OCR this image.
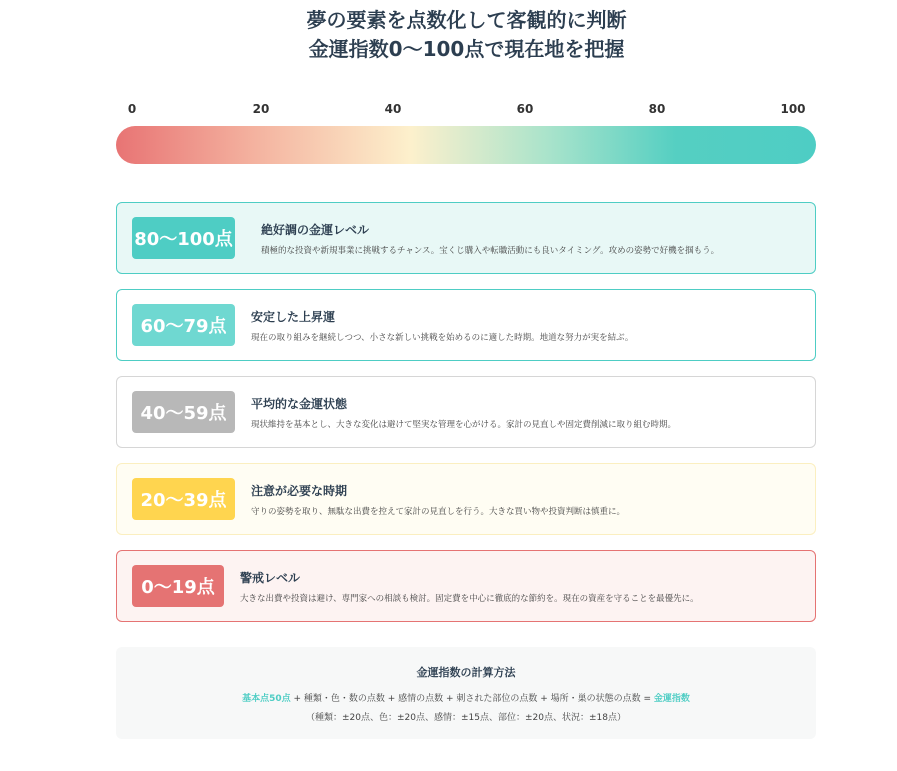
夢の要素を点数化して客観的に判断
金運指数0〜100点で現在地を把握
0	20	40	60	80	100
80〜100点 絶好調の金運レベル
積極的な投資や新規事業に挑戦するチャンス。宝くじ購入や転職活動にも良いタイミング。攻めの姿勢で好機を掴もう。
60〜79点	安定した上昇運
現在の取り組みを継続しつつ、小さな新しい挑戦を始めるのに適した時期。地道な努力が実を結ぶ。
40〜59点	平均的な金運状態
現状維持を基本とし、大きな変化は避けて堅実な管理を心がける。家計の見直しや固定費削減に取り組む時期。
20〜39点	注意が必要な時期
守りの姿勢を取り、無駄な出費を控えて家計の見直しを行う。大きな買い物や投資判断は慎重に。
0〜19点	警戒レベル
大きな出費や投資は避け、専門家への相談も検討。固定費を中心に徹底的な節約を。現在の資産を守ることを最優先に。
金運指数の計算方法
基本点50点 + 種類・色・数の点数 + 感情の点数 + 刺された部位の点数 + 場所・巣の状態の点数 = 金運指数
（種類：±20点、色：±20点、感情：±15点、部位：±20点、状況：±18点）
